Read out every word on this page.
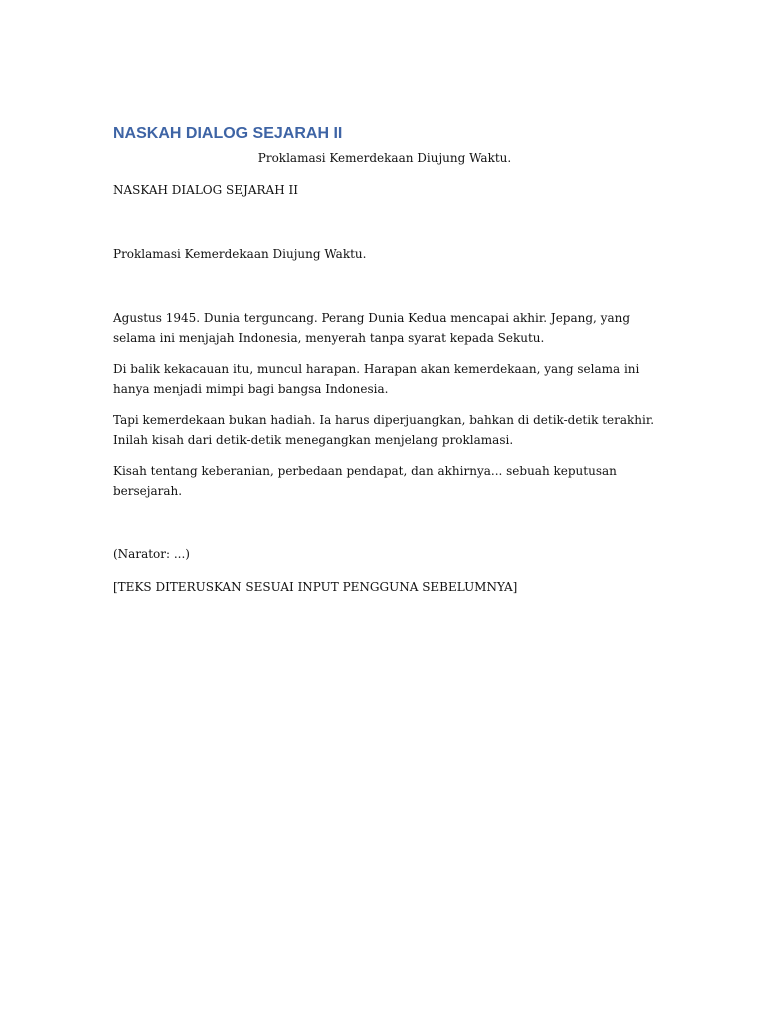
NASKAH DIALOG SEJARAH II
Proklamasi Kemerdekaan Diujung Waktu.

NASKAH DIALOG SEJARAH II

Proklamasi Kemerdekaan Diujung Waktu.

Agustus 1945. Dunia terguncang. Perang Dunia Kedua mencapai akhir. Jepang, yang selama ini menjajah Indonesia, menyerah tanpa syarat kepada Sekutu.

Di balik kekacauan itu, muncul harapan. Harapan akan kemerdekaan, yang selama ini hanya menjadi mimpi bagi bangsa Indonesia.

Tapi kemerdekaan bukan hadiah. Ia harus diperjuangkan, bahkan di detik-detik terakhir. Inilah kisah dari detik-detik menegangkan menjelang proklamasi.

Kisah tentang keberanian, perbedaan pendapat, dan akhirnya... sebuah keputusan bersejarah.

(Narator: ...)

[TEKS DITERUSKAN SESUAI INPUT PENGGUNA SEBELUMNYA]
